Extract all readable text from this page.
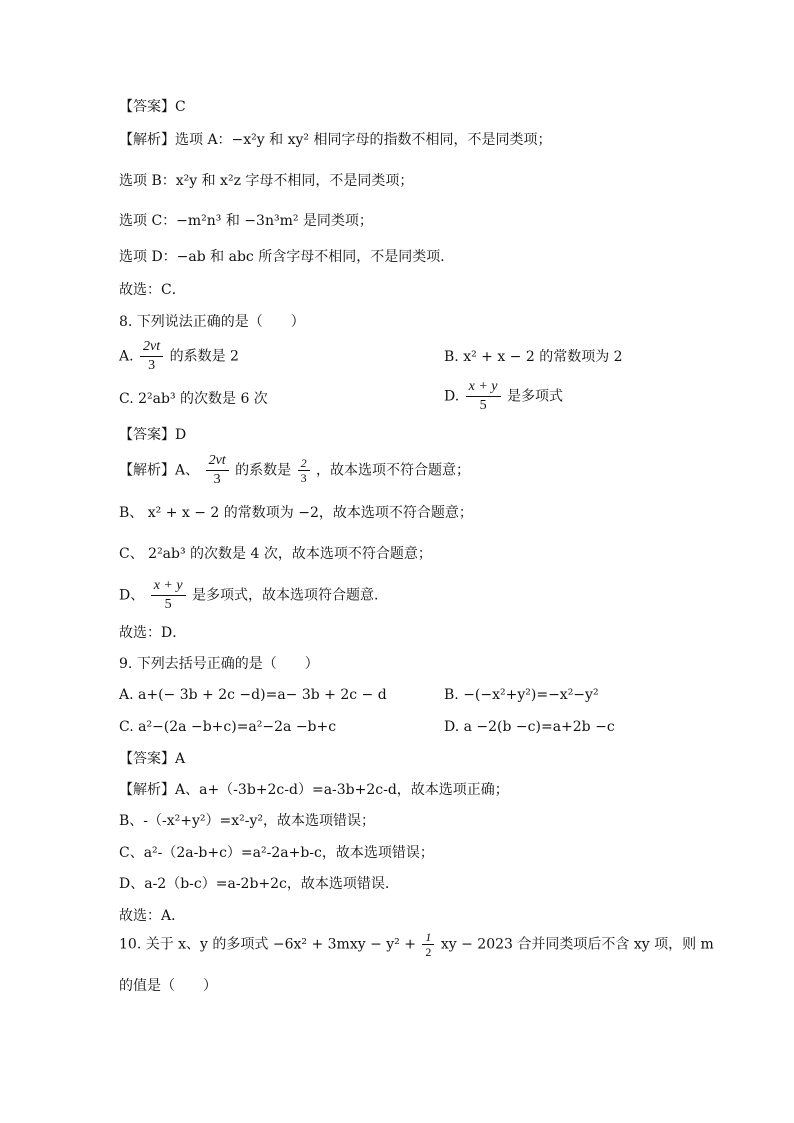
【答案】C
【解析】选项 A：−x²y 和 xy² 相同字母的指数不相同，不是同类项；
选项 B：x²y 和 x²z 字母不相同，不是同类项；
选项 C：−m²n³ 和 −3n³m² 是同类项；
选项 D：−ab 和 abc 所含字母不相同，不是同类项．
故选：C．
8. 下列说法正确的是（　　）
A. $\frac{2vt}{3}$ 的系数是 2	B. x² + x − 2 的常数项为 2
C. 2²ab³ 的次数是 6 次	D. $\frac{x + y}{5}$ 是多项式
【答案】D
【解析】A、 $\frac{2vt}{3}$ 的系数是 $\frac{2}{3}$ ，故本选项不符合题意；
B、 x² + x − 2 的常数项为 −2，故本选项不符合题意；
C、 2²ab³ 的次数是 4 次，故本选项不符合题意；
D、 $\frac{x + y}{5}$ 是多项式，故本选项符合题意.
故选：D．
9. 下列去括号正确的是（　　）
A. a+(− 3b + 2c −d)=a− 3b + 2c − d	B. −(−x²+y²)=−x²−y²
C. a²−(2a −b+c)=a²−2a −b+c	D. a −2(b −c)=a+2b −c
【答案】A
【解析】A、a+（-3b+2c-d）=a-3b+2c-d，故本选项正确；
B、-（-x²+y²）=x²-y²，故本选项错误；
C、a²-（2a-b+c）=a²-2a+b-c，故本选项错误；
D、a-2（b-c）=a-2b+2c，故本选项错误.
故选：A．
10. 关于 x、y 的多项式 $-6x^2 + 3mxy - y^2 + \frac{1}{2}$ xy − 2023 合并同类项后不含 xy 项，则 m
的值是（　　）
